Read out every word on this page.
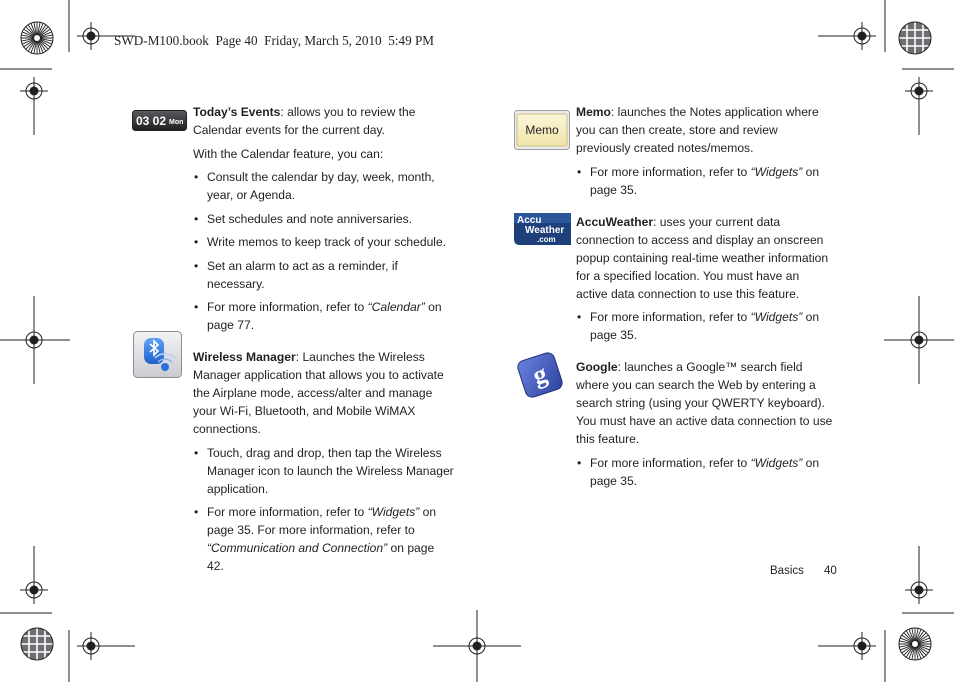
SWD-M100.book  Page 40  Friday, March 5, 2010  5:49 PM
03 02 Mon

Today’s Events: allows you to review the Calendar events for the current day.

With the Calendar feature, you can:

• Consult the calendar by day, week, month, year, or Agenda.
• Set schedules and note anniversaries.
• Write memos to keep track of your schedule.
• Set an alarm to act as a reminder, if necessary.
• For more information, refer to “Calendar” on page 77.

Wireless Manager: Launches the Wireless Manager application that allows you to activate the Airplane mode, access/alter and manage your Wi-Fi, Bluetooth, and Mobile WiMAX connections.

• Touch, drag and drop, then tap the Wireless Manager icon to launch the Wireless Manager application.
• For more information, refer to “Widgets” on page 35. For more information, refer to “Communication and Connection” on page 42.
Memo
Accu
Weather
.com
g

Memo: launches the Notes application where you can then create, store and review previously created notes/memos.

• For more information, refer to “Widgets” on page 35.

AccuWeather: uses your current data connection to access and display an onscreen popup containing real-time weather information for a specified location. You must have an active data connection to use this feature.

• For more information, refer to “Widgets” on page 35.

Google: launches a Google™ search field where you can search the Web by entering a search string (using your QWERTY keyboard). You must have an active data connection to use this feature.

• For more information, refer to “Widgets” on page 35.
Basics 40
